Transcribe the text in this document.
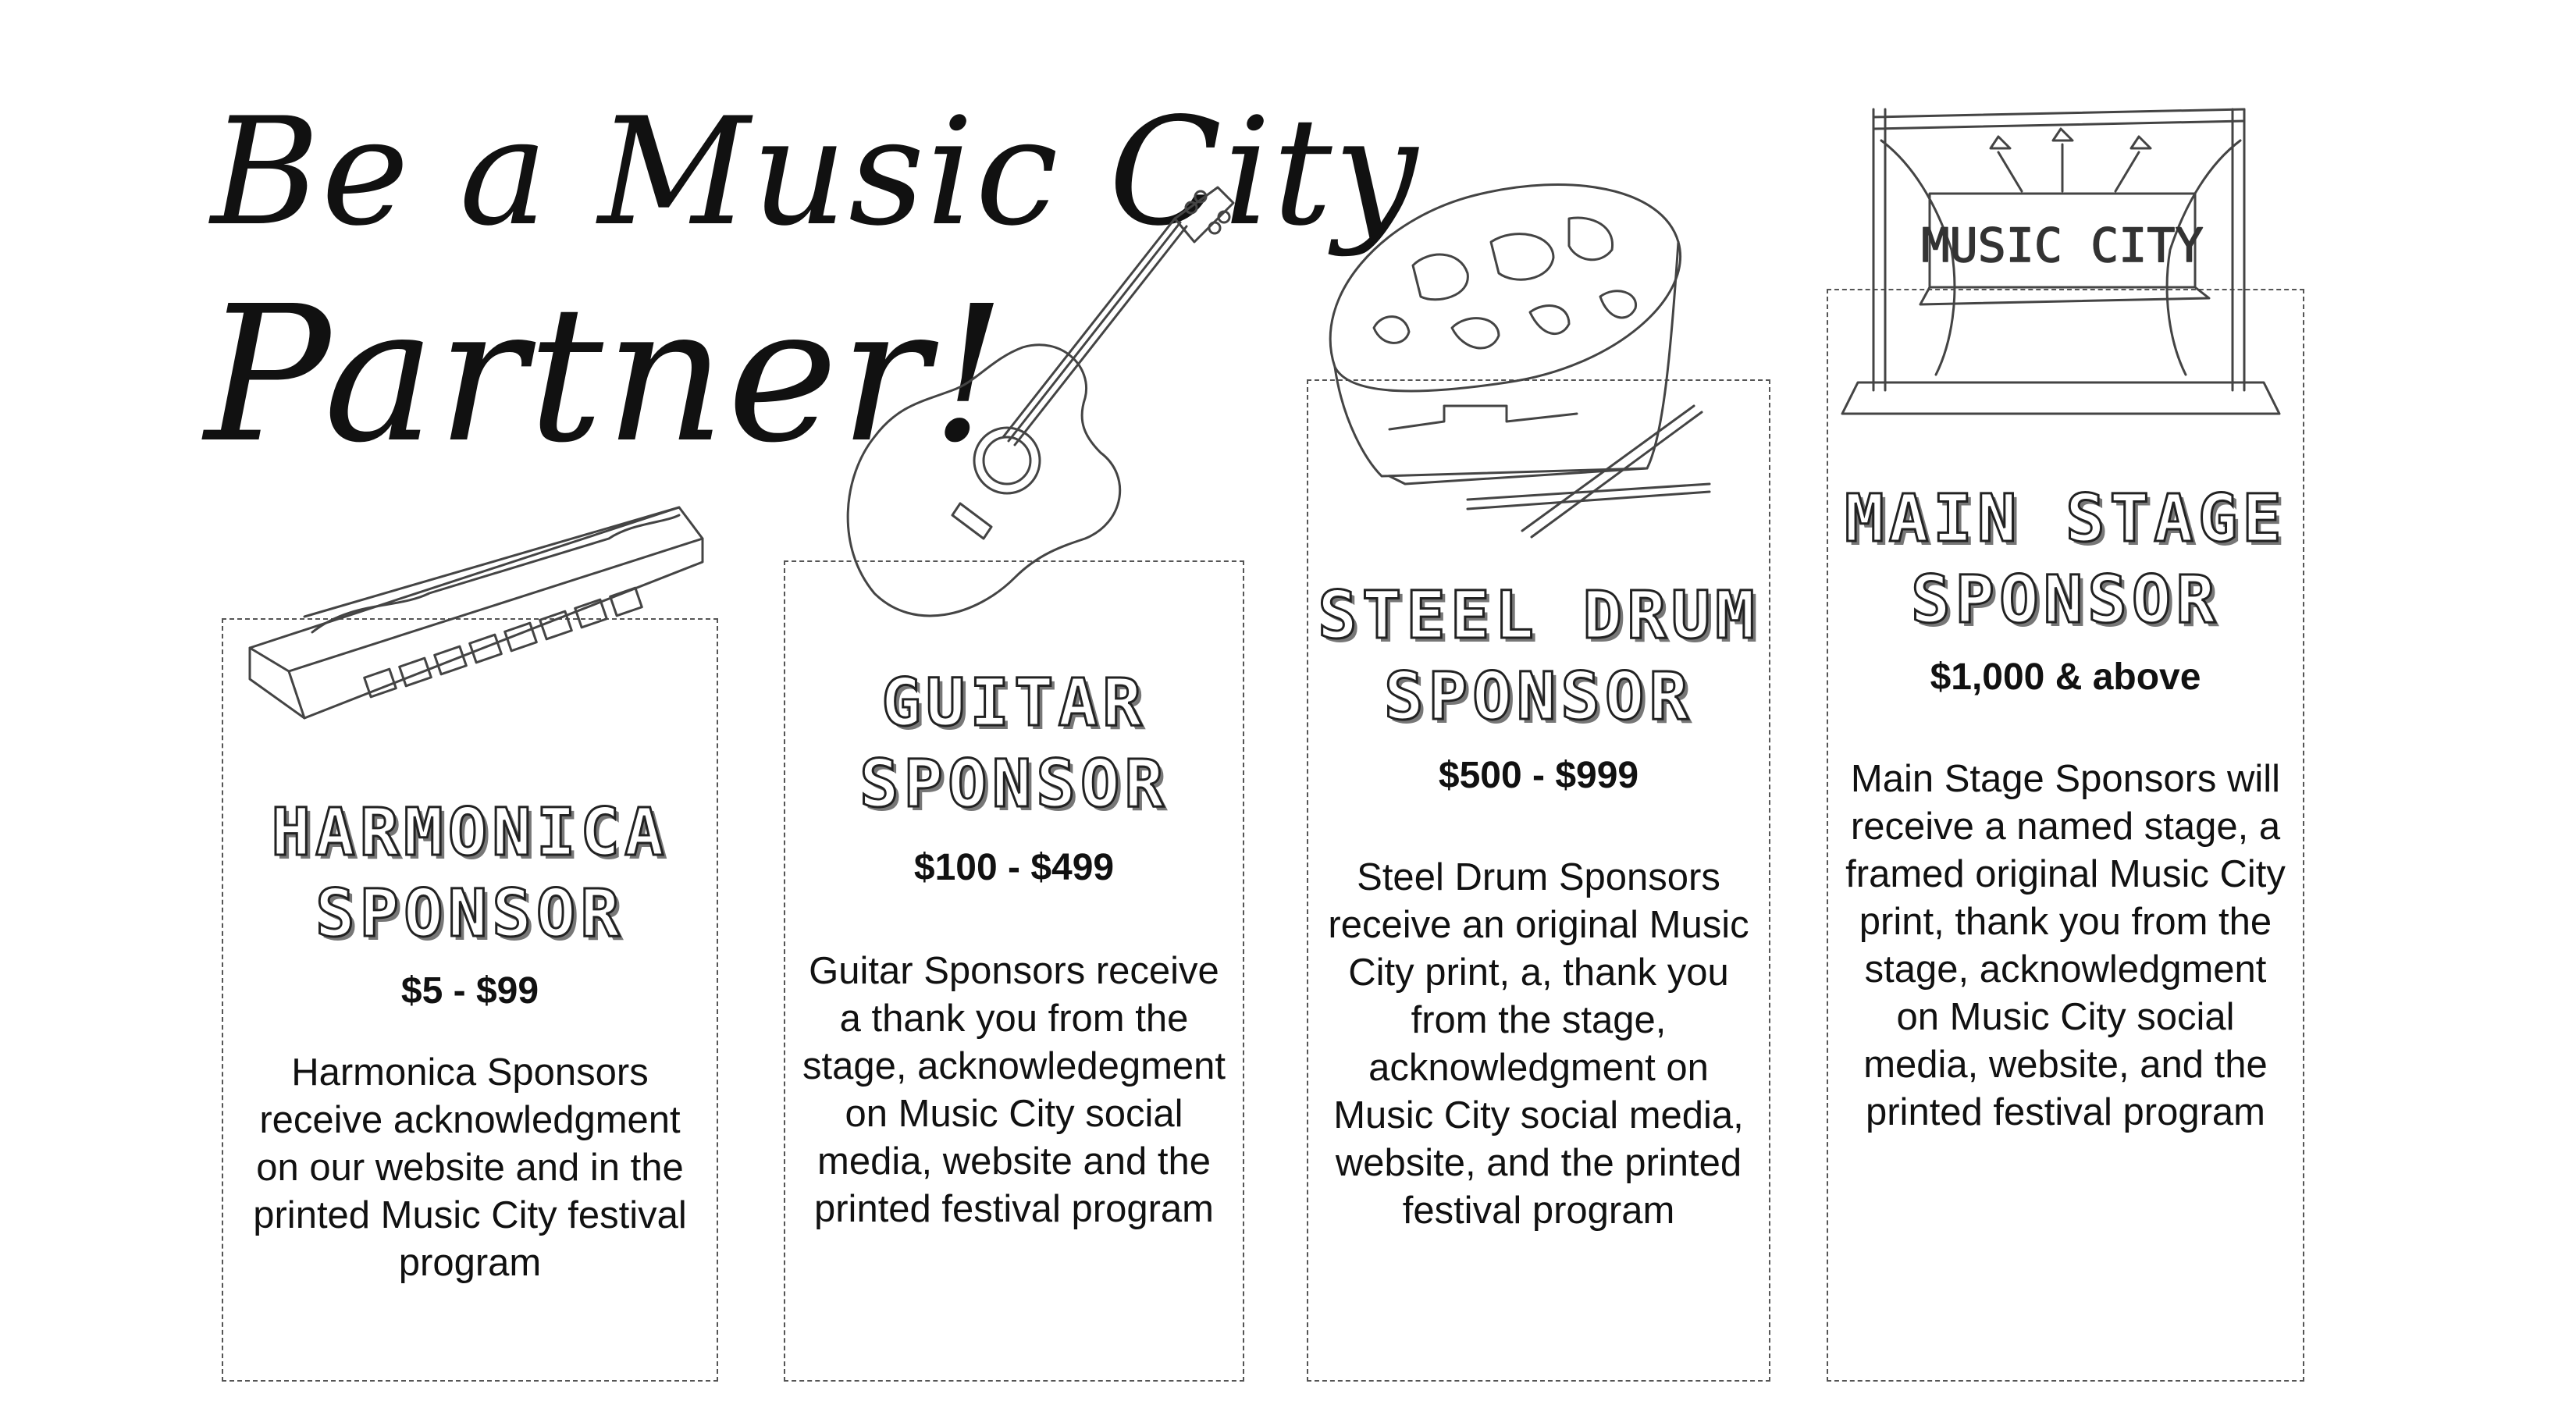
Be a Music City
Partner!
HARMONICA
SPONSOR
$5 - $99
Harmonica Sponsors receive acknowledgment on our website and in the printed Music City festival program
GUITAR
SPONSOR
$100 - $499
Guitar Sponsors receive a thank you from the stage, acknowledegment on Music City social media, website and the printed festival program
STEEL DRUM
SPONSOR
$500 - $999
Steel Drum Sponsors receive an original Music City print, a, thank you from the stage, acknowledgment on Music City social media, website, and the printed festival program
MAIN STAGE
SPONSOR
$1,000 & above
Main Stage Sponsors will receive a named stage, a framed original Music City print, thank you from the stage, acknowledgment on Music City social media, website, and the printed festival program
MUSIC CITY
